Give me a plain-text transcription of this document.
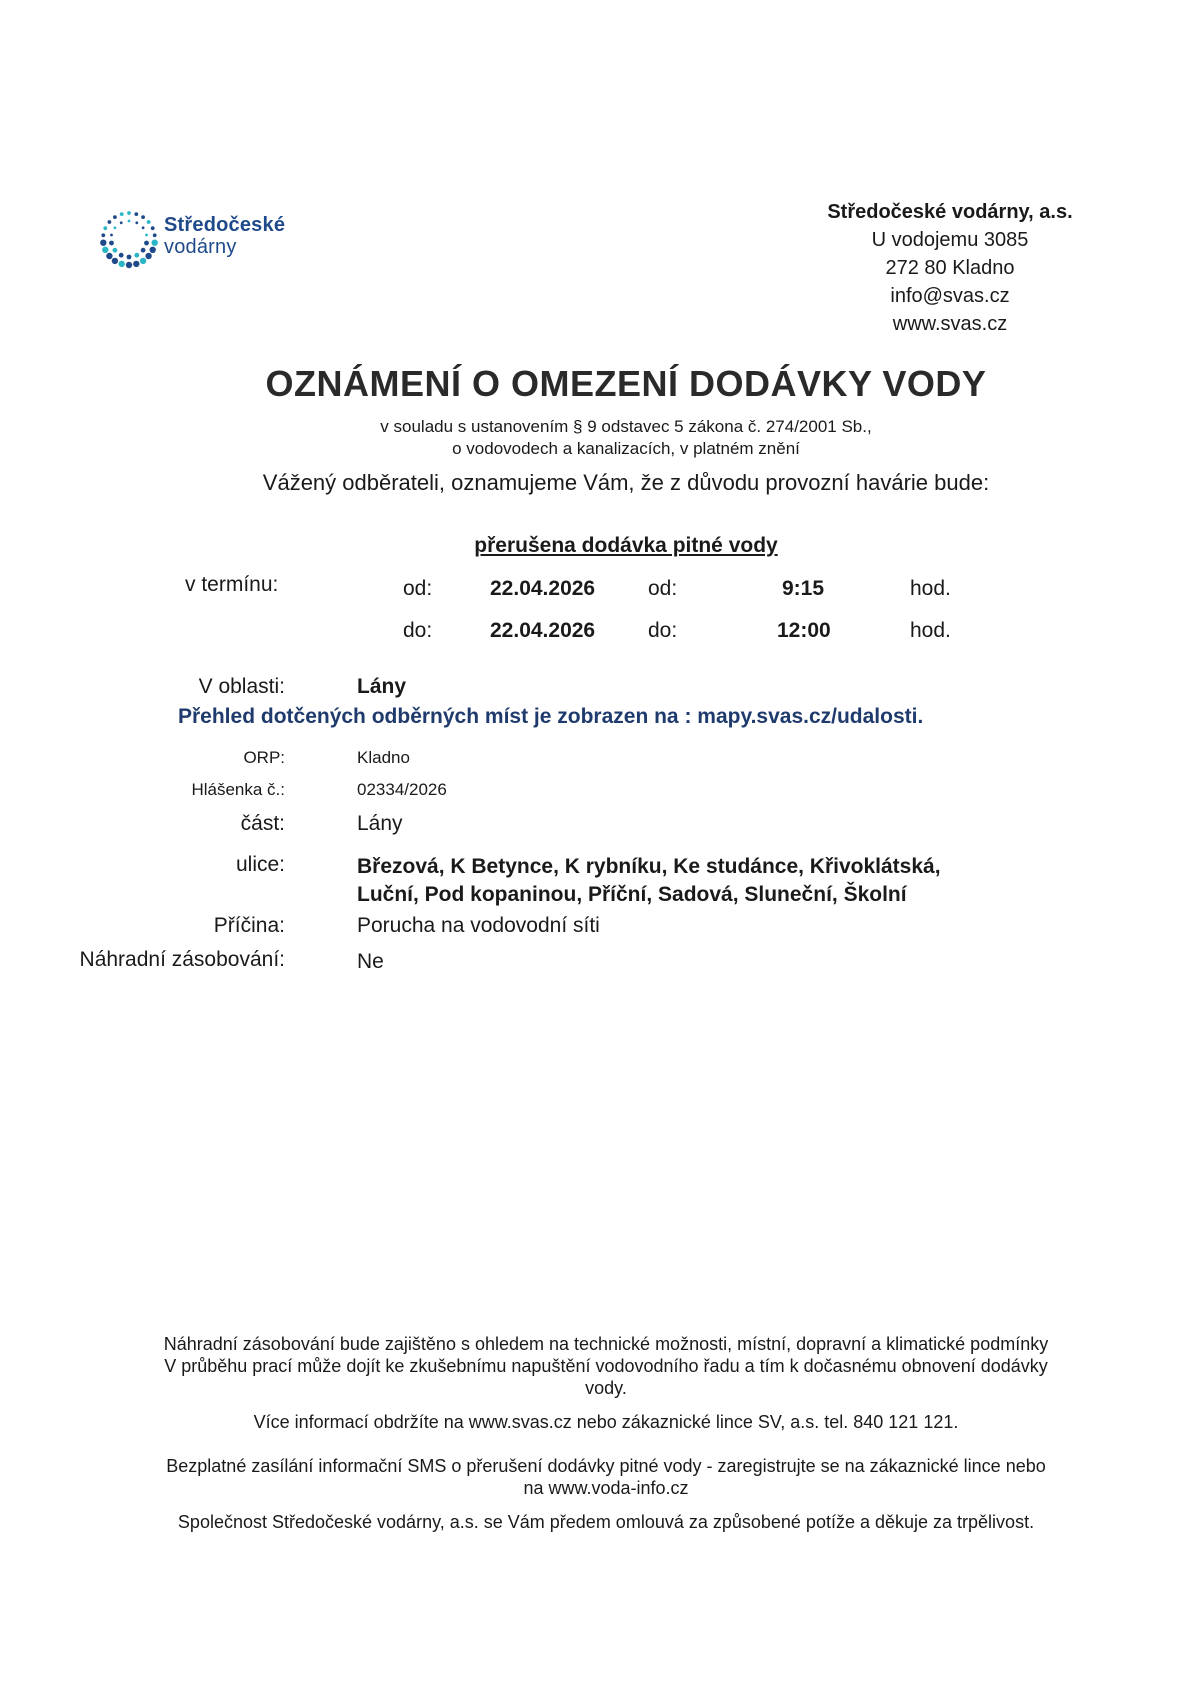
Středočeské
vodárny
Středočeské vodárny, a.s.
U vodojemu 3085
272 80 Kladno
info@svas.cz
www.svas.cz
OZNÁMENÍ O OMEZENÍ DODÁVKY VODY
v souladu s ustanovením § 9 odstavec 5 zákona č. 274/2001 Sb.,
o vodovodech a kanalizacích, v platném znění
Vážený odběrateli, oznamujeme Vám, že z důvodu provozní havárie bude:
přerušena dodávka pitné vody
v termínu:	od:	22.04.2026	od:	9:15	hod.
do:	22.04.2026	do:	12:00	hod.
V oblasti:	Lány
Přehled dotčených odběrných míst je zobrazen na : mapy.svas.cz/udalosti.
ORP:	Kladno
Hlášenka č.:	02334/2026
část:	Lány
ulice:	Březová, K Betynce, K rybníku, Ke studánce, Křivoklátská,
Luční, Pod kopaninou, Příční, Sadová, Sluneční, Školní
Příčina:	Porucha na vodovodní síti
Náhradní zásobování:	Ne

Náhradní zásobování bude zajištěno s ohledem na technické možnosti, místní, dopravní a klimatické podmínky
V průběhu prací může dojít ke zkušebnímu napuštění vodovodního řadu a tím k dočasnému obnovení dodávky
vody.

Více informací obdržíte na www.svas.cz nebo zákaznické lince SV, a.s. tel. 840 121 121.

Bezplatné zasílání informační SMS o přerušení dodávky pitné vody - zaregistrujte se na zákaznické lince nebo
na www.voda-info.cz

Společnost Středočeské vodárny, a.s. se Vám předem omlouvá za způsobené potíže a děkuje za trpělivost.
